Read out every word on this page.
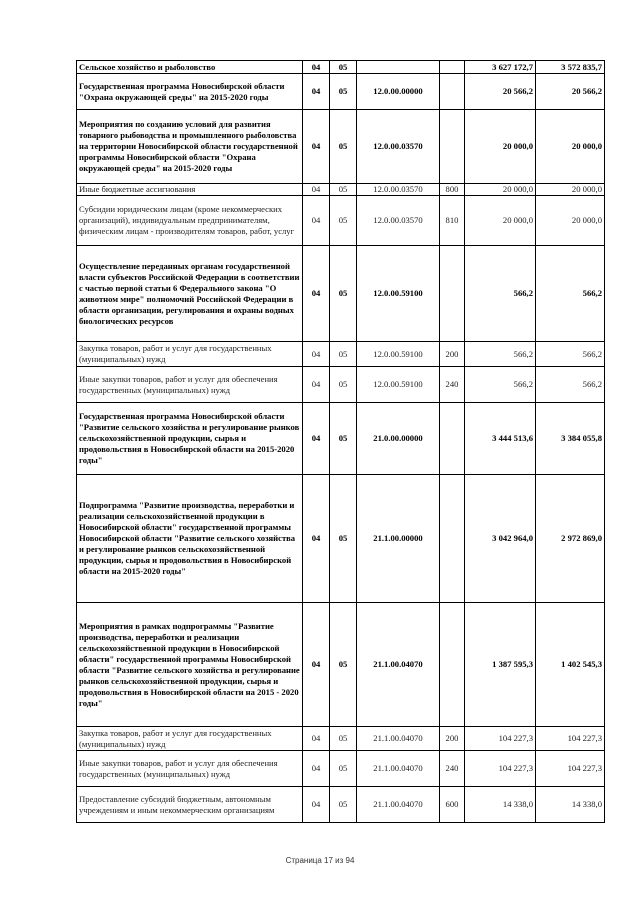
Сельское хозяйство и рыболовство	04	05			3 627 172,7	3 572 835,7
Государственная программа Новосибирской области "Охрана окружающей среды" на 2015-2020 годы	04	05	12.0.00.00000		20 566,2	20 566,2
Мероприятия по созданию условий для развития товарного рыбоводства и промышленного рыболовства на территории Новосибирской области государственной программы Новосибирской области "Охрана окружающей среды" на 2015-2020 годы	04	05	12.0.00.03570		20 000,0	20 000,0
Иные бюджетные ассигнования	04	05	12.0.00.03570	800	20 000,0	20 000,0
Субсидии юридическим лицам (кроме некоммерческих организаций), индивидуальным предпринимателям, физическим лицам - производителям товаров, работ, услуг	04	05	12.0.00.03570	810	20 000,0	20 000,0
Осуществление переданных органам государственной власти субъектов Российской Федерации в соответствии с частью первой статьи 6 Федерального закона "О животном мире" полномочий Российской Федерации в области организации, регулирования и охраны водных биологических ресурсов	04	05	12.0.00.59100		566,2	566,2
Закупка товаров, работ и услуг для государственных (муниципальных) нужд	04	05	12.0.00.59100	200	566,2	566,2
Иные закупки товаров, работ и услуг для обеспечения государственных (муниципальных) нужд	04	05	12.0.00.59100	240	566,2	566,2
Государственная программа Новосибирской области "Развитие сельского хозяйства и регулирование рынков сельскохозяйственной продукции, сырья и продовольствия в Новосибирской области на 2015-2020 годы"	04	05	21.0.00.00000		3 444 513,6	3 384 055,8
Подпрограмма "Развитие производства, переработки и реализации сельскохозяйственной продукции в Новосибирской области" государственной программы Новосибирской области "Развитие сельского хозяйства и регулирование рынков сельскохозяйственной продукции, сырья и продовольствия в Новосибирской области на 2015-2020 годы"	04	05	21.1.00.00000		3 042 964,0	2 972 869,0
Мероприятия в рамках подпрограммы "Развитие производства, переработки и реализации сельскохозяйственной продукции в Новосибирской области" государственной программы Новосибирской области "Развитие сельского хозяйства и регулирование рынков сельскохозяйственной продукции, сырья и продовольствия в Новосибирской области на 2015 - 2020 годы"	04	05	21.1.00.04070		1 387 595,3	1 402 545,3
Закупка товаров, работ и услуг для государственных (муниципальных) нужд	04	05	21.1.00.04070	200	104 227,3	104 227,3
Иные закупки товаров, работ и услуг для обеспечения государственных (муниципальных) нужд	04	05	21.1.00.04070	240	104 227,3	104 227,3
Предоставление субсидий бюджетным, автономным учреждениям и иным некоммерческим организациям	04	05	21.1.00.04070	600	14 338,0	14 338,0
Страница 17 из 94
